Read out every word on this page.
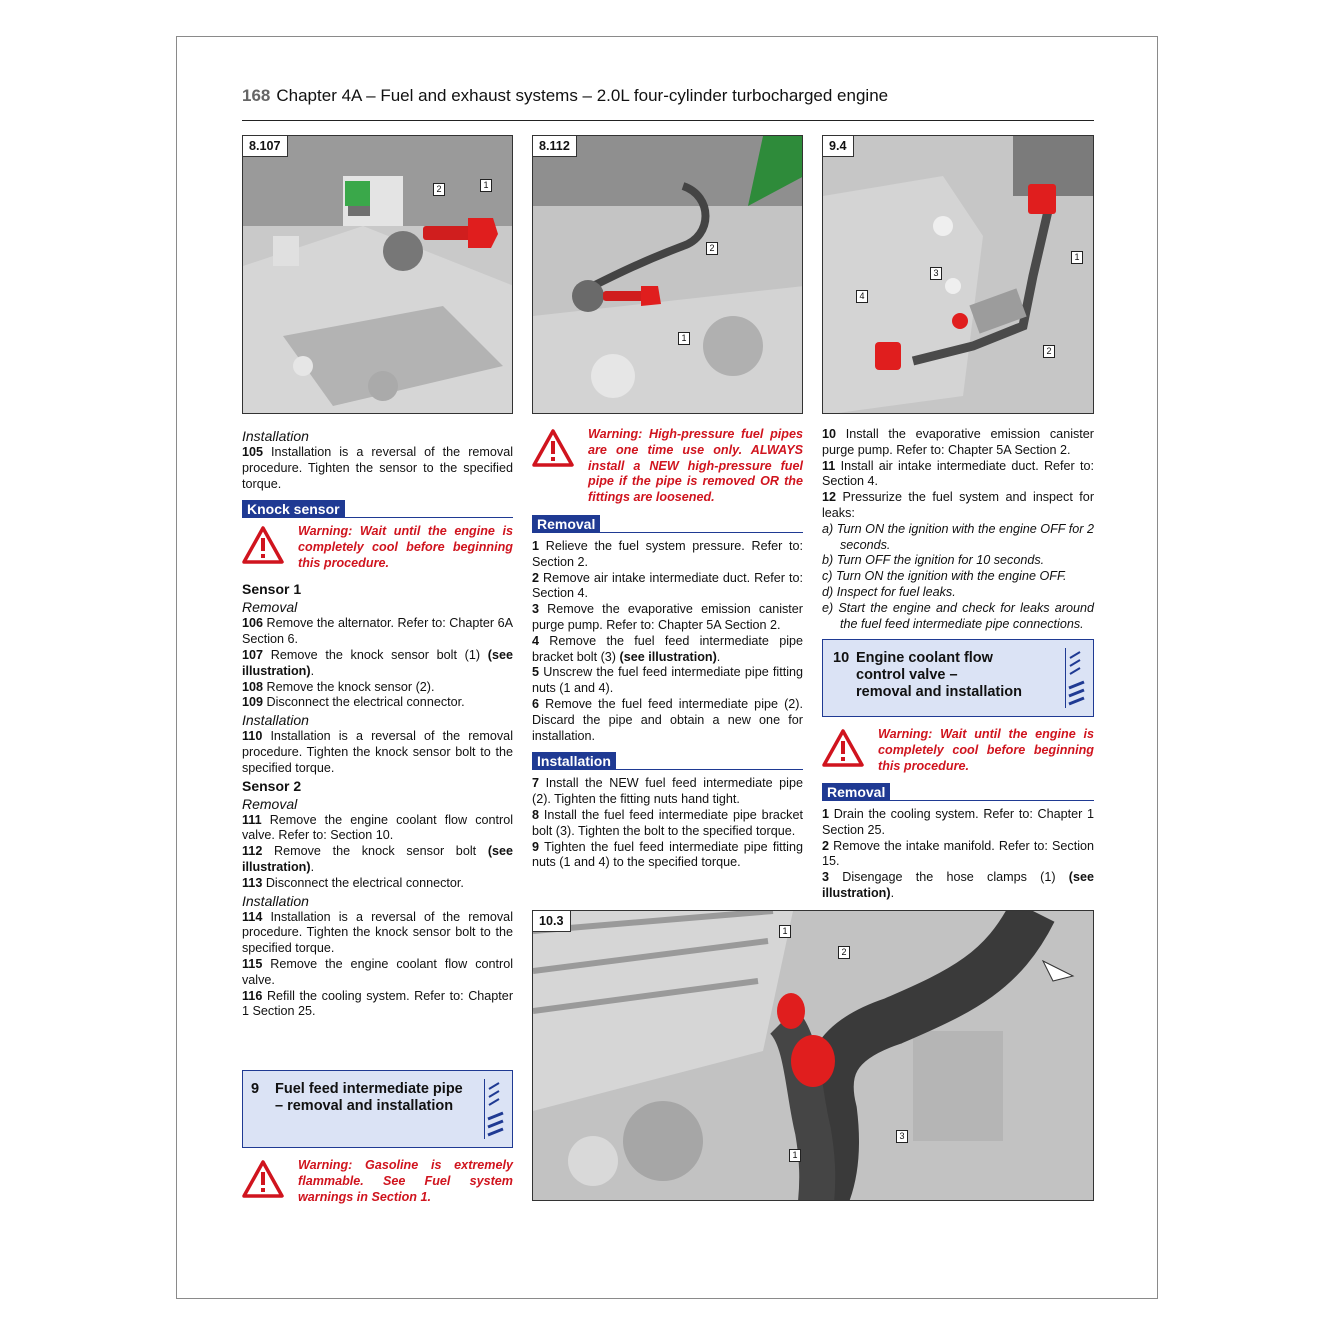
168 Chapter 4A – Fuel and exhaust systems – 2.0L four-cylinder turbocharged engine
8.107
2	1
8.112
2
1
9.4
1
3
4
2

Installation

105 Installation is a reversal of the removal procedure. Tighten the sensor to the specified torque.

Knock sensor
Warning: Wait until the engine is completely cool before beginning this procedure.

Sensor 1

Removal

106 Remove the alternator. Refer to: Chapter 6A Section 6.

107 Remove the knock sensor bolt (1) (see illustration).

108 Remove the knock sensor (2).

109 Disconnect the electrical connector.

Installation

110 Installation is a reversal of the removal procedure. Tighten the knock sensor bolt to the specified torque.

Sensor 2

Removal

111 Remove the engine coolant flow control valve. Refer to: Section 10.

112 Remove the knock sensor bolt (see illustration).

113 Disconnect the electrical connector.

Installation

114 Installation is a reversal of the removal procedure. Tighten the knock sensor bolt to the specified torque.

115 Remove the engine coolant flow control valve.

116 Refill the cooling system. Refer to: Chapter 1 Section 25.

9 Fuel feed intermediate pipe
– removal and installation
Warning: Gasoline is extremely flammable. See Fuel system warnings in Section 1.
Warning: High-pressure fuel pipes are one time use only. ALWAYS install a NEW high-pressure fuel pipe if the pipe is removed OR the fittings are loosened.
Removal

1 Relieve the fuel system pressure. Refer to: Section 2.

2 Remove air intake intermediate duct. Refer to: Section 4.

3 Remove the evaporative emission canister purge pump. Refer to: Chapter 5A Section 2.

4 Remove the fuel feed intermediate pipe bracket bolt (3) (see illustration).

5 Unscrew the fuel feed intermediate pipe fitting nuts (1 and 4).

6 Remove the fuel feed intermediate pipe (2). Discard the pipe and obtain a new one for installation.

Installation

7 Install the NEW fuel feed intermediate pipe (2). Tighten the fitting nuts hand tight.

8 Install the fuel feed intermediate pipe bracket bolt (3). Tighten the bolt to the specified torque.

9 Tighten the fuel feed intermediate pipe fitting nuts (1 and 4) to the specified torque.

10 Install the evaporative emission canister purge pump. Refer to: Chapter 5A Section 2.

11 Install air intake intermediate duct. Refer to: Section 4.

12 Pressurize the fuel system and inspect for leaks:

a) Turn ON the ignition with the engine OFF for 2 seconds.

b) Turn OFF the ignition for 10 seconds.

c) Turn ON the ignition with the engine OFF.

d) Inspect for fuel leaks.

e) Start the engine and check for leaks around the fuel feed intermediate pipe connections.

10 Engine coolant flow
control valve –
removal and installation
Warning: Wait until the engine is completely cool before beginning this procedure.
Removal

1 Drain the cooling system. Refer to: Chapter 1 Section 25.

2 Remove the intake manifold. Refer to: Section 15.

3 Disengage the hose clamps (1) (see illustration).

10.3
1
2
3
1
